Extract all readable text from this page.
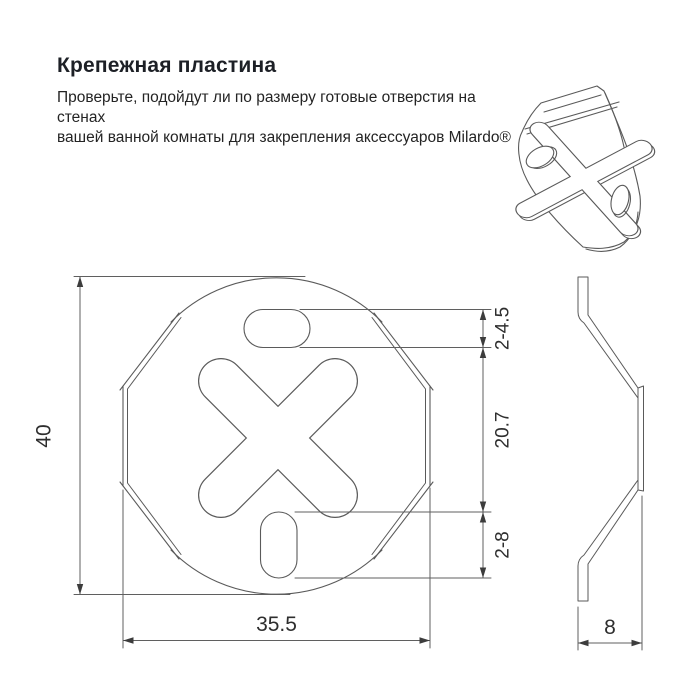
Крепежная пластина
Проверьте, подойдут ли по размеру готовые отверстия на стенах
вашей ванной комнаты для закрепления аксессуаров Milardo®
40
35.5
2-4.5
20.7
2-8
8
